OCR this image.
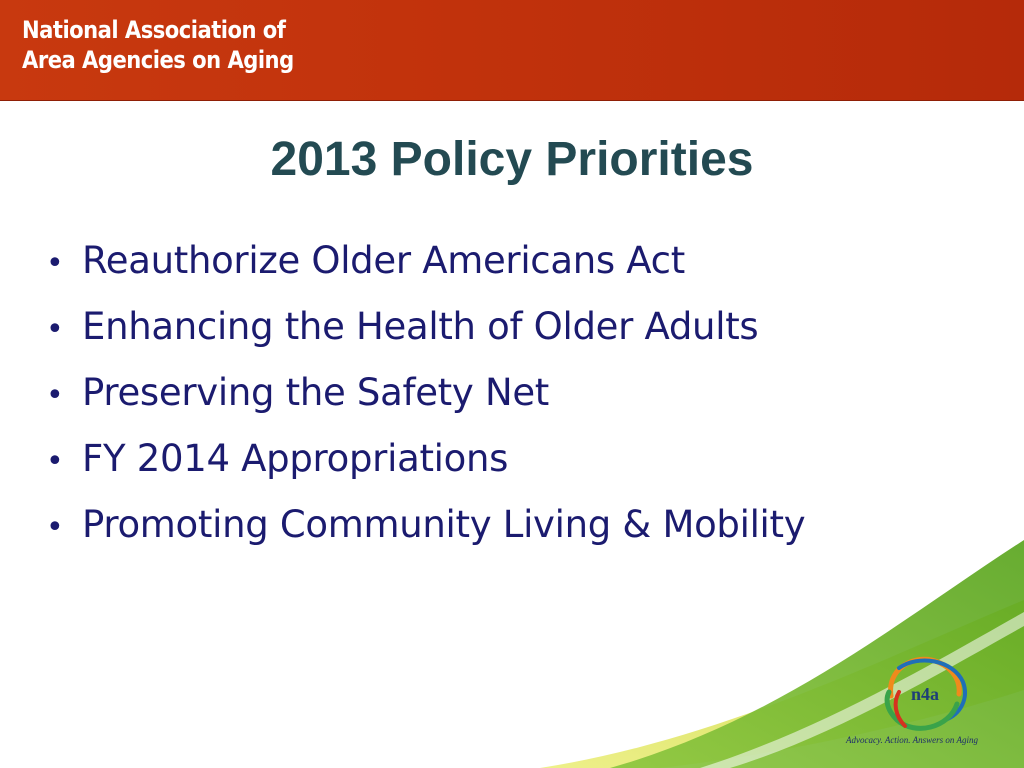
National Association of
Area Agencies on Aging
2013 Policy Priorities
• Reauthorize Older Americans Act
• Enhancing the Health of Older Adults
• Preserving the Safety Net
• FY 2014 Appropriations
• Promoting Community Living & Mobility
n4a

Advocacy. Action. Answers on Aging
